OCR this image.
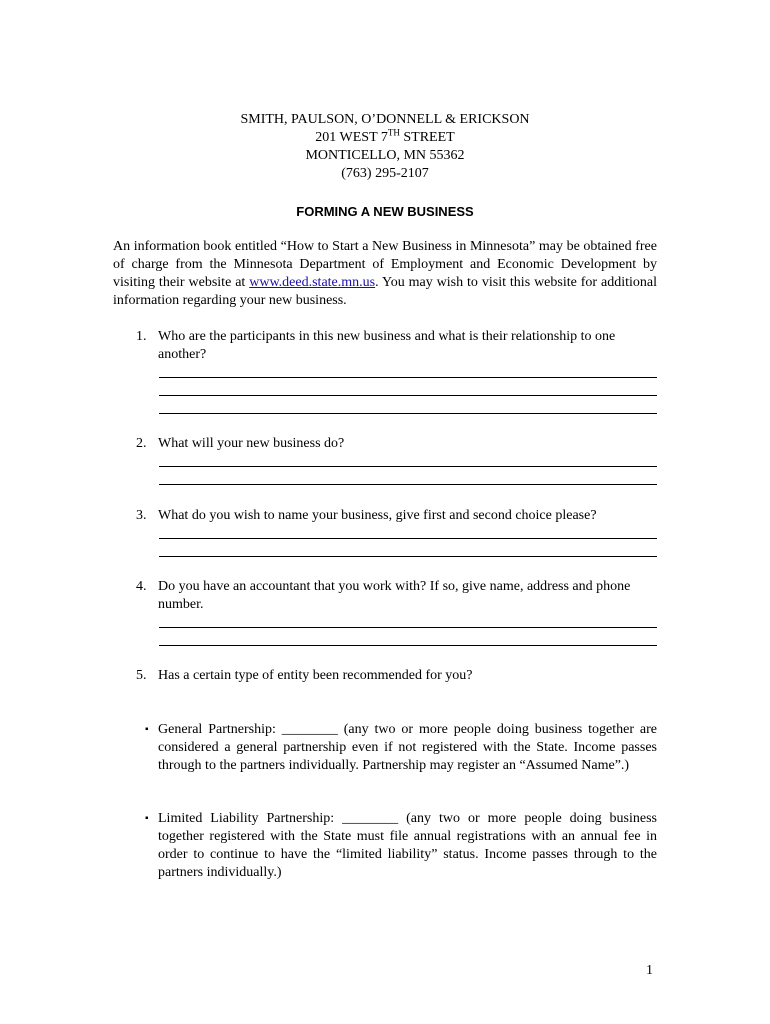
SMITH, PAULSON, O’DONNELL & ERICKSON
201 WEST 7TH STREET
MONTICELLO, MN 55362
(763) 295-2107
FORMING A NEW BUSINESS
An information book entitled “How to Start a New Business in Minnesota” may be obtained free of charge from the Minnesota Department of Employment and Economic Development by visiting their website at www.deed.state.mn.us. You may wish to visit this website for additional information regarding your new business.
1. Who are the participants in this new business and what is their relationship to one another?
2. What will your new business do?
3. What do you wish to name your business, give first and second choice please?
4. Do you have an accountant that you work with? If so, give name, address and phone number.
5. Has a certain type of entity been recommended for you?
▪ General Partnership: ________ (any two or more people doing business together are considered a general partnership even if not registered with the State. Income passes through to the partners individually. Partnership may register an “Assumed Name”.)
▪ Limited Liability Partnership: ________ (any two or more people doing business together registered with the State must file annual registrations with an annual fee in order to continue to have the “limited liability” status. Income passes through to the partners individually.)
1
